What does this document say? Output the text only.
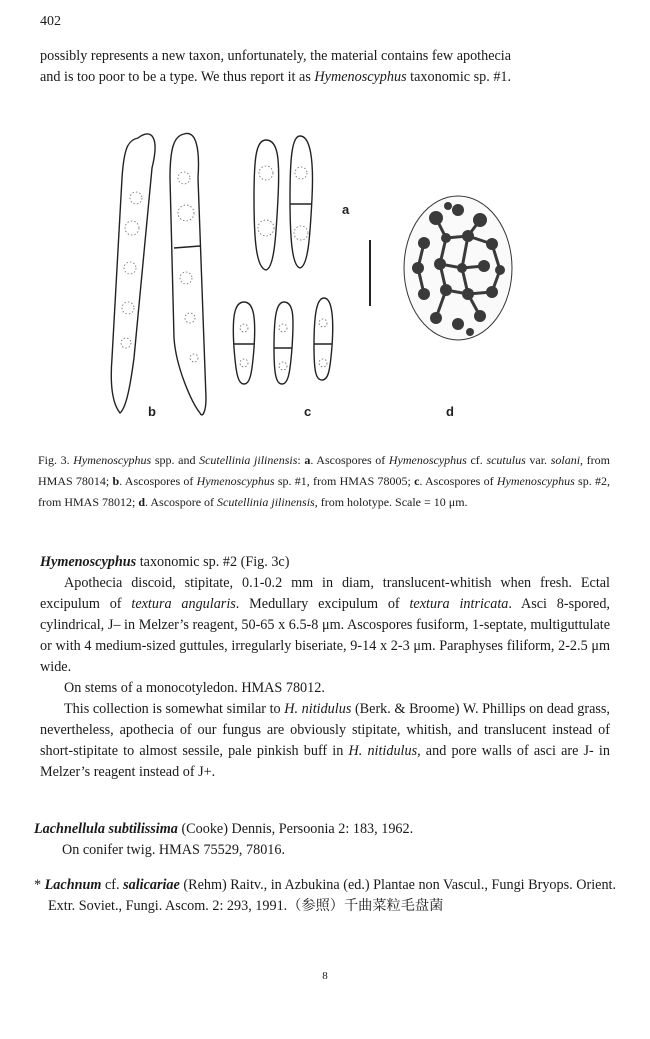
402
possibly represents a new taxon, unfortunately, the material contains few apothecia
and is too poor to be a type. We thus report it as Hymenoscyphus taxonomic sp. #1.
a
b	c	d
Fig. 3. Hymenoscyphus spp. and Scutellinia jilinensis: a. Ascospores of Hymenoscyphus cf. scutulus var. solani, from HMAS 78014; b. Ascospores of Hymenoscyphus sp. #1, from HMAS 78005; c. Ascospores of Hymenoscyphus sp. #2, from HMAS 78012; d. Ascospore of Scutellinia jilinensis, from holotype. Scale = 10 μm.
Hymenoscyphus taxonomic sp. #2 (Fig. 3c)
Apothecia discoid, stipitate, 0.1-0.2 mm in diam, translucent-whitish when fresh. Ectal excipulum of textura angularis. Medullary excipulum of textura intricata. Asci 8-spored, cylindrical, J– in Melzer’s reagent, 50-65 x 6.5-8 μm. Ascospores fusiform, 1-septate, multiguttulate or with 4 medium-sized guttules, irregularly biseriate, 9-14 x 2-3 μm. Paraphyses filiform, 2-2.5 μm wide.
On stems of a monocotyledon. HMAS 78012.
This collection is somewhat similar to H. nitidulus (Berk. & Broome) W. Phillips on dead grass, nevertheless, apothecia of our fungus are obviously stipitate, whitish, and translucent instead of short-stipitate to almost sessile, pale pinkish buff in H. nitidulus, and pore walls of asci are J- in Melzer’s reagent instead of J+.
Lachnellula subtilissima (Cooke) Dennis, Persoonia 2: 183, 1962.
On conifer twig. HMAS 75529, 78016.
* Lachnum cf. salicariae (Rehm) Raitv., in Azbukina (ed.) Plantae non Vascul., Fungi Bryops. Orient. Extr. Soviet., Fungi. Ascom. 2: 293, 1991.（参照）千曲菜粒毛盘菌
8
